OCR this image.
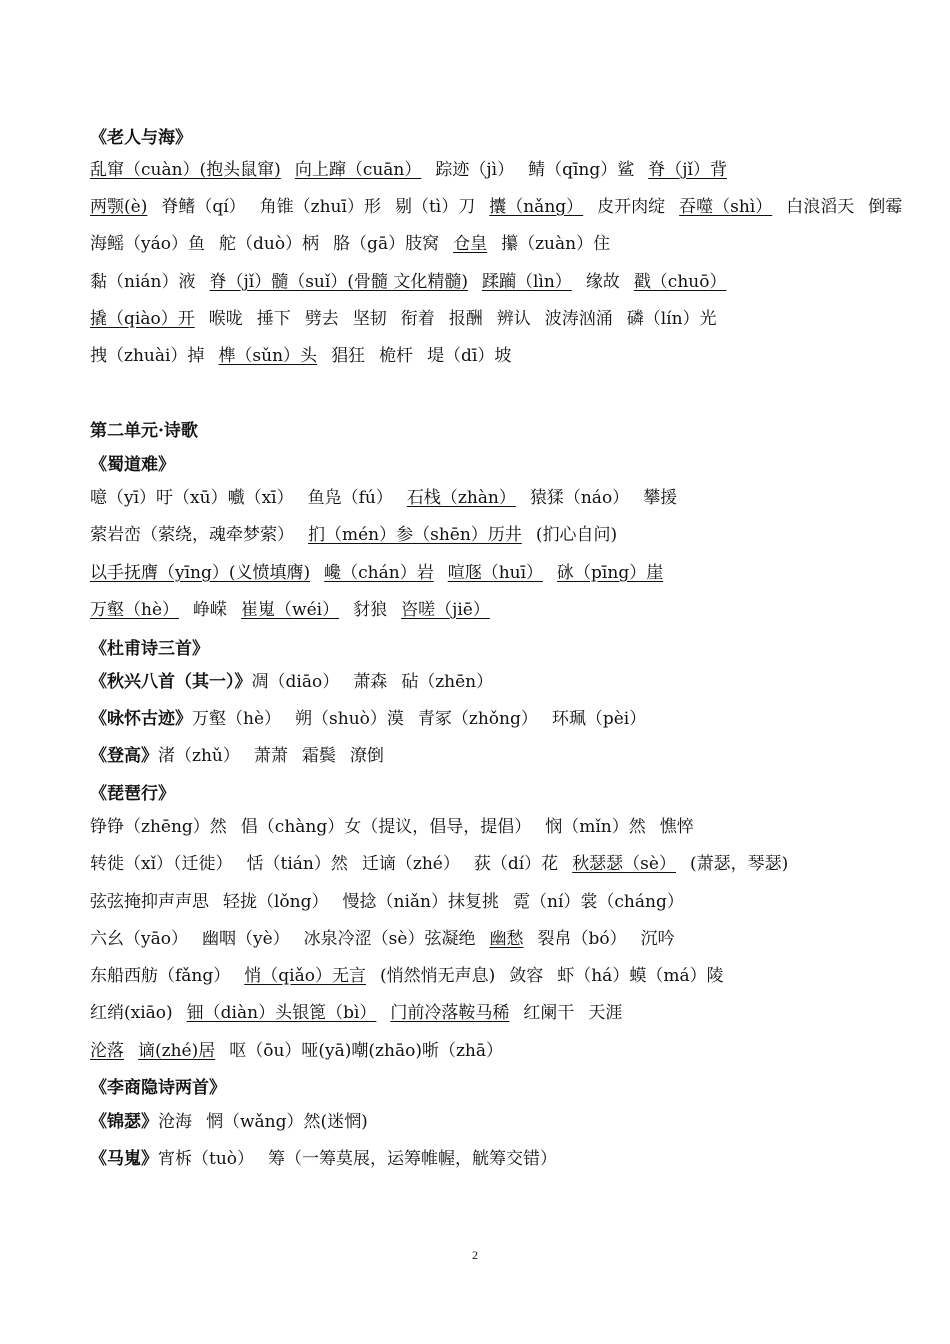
《老人与海》
乱窜（cuàn）(抱头鼠窜) 向上蹿（cuān） 踪迹（jì） 鲭（qīng）鲨 脊（jǐ）背
两颚(è) 脊鳍（qí） 角锥（zhuī）形 剔（tì）刀 攮（nǎng） 皮开肉绽 吞噬（shì） 白浪滔天 倒霉
海鳐（yáo）鱼 舵（duò）柄 胳（gā）肢窝 仓皇 攥（zuàn）住
黏（nián）液 脊（jǐ）髓（suǐ）(骨髓 文化精髓) 蹂躏（lìn） 缘故 戳（chuō）
撬（qiào）开 喉咙 捶下 劈去 坚韧 衔着 报酬 辨认 波涛汹涌 磷（lín）光
拽（zhuài）掉 榫（sǔn）头 猖狂 桅杆 堤（dī）坡
第二单元·诗歌
《蜀道难》
噫（yī）吁（xū）嚱（xī） 鱼凫（fú） 石栈（zhàn） 猿猱（náo） 攀援
萦岩峦（萦绕，魂牵梦萦） 扪（mén）参（shēn）历井 (扪心自问)
以手抚膺（yīng）(义愤填膺) 巉（chán）岩 喧豗（huī） 砯（pīng）崖
万壑（hè） 峥嵘 崔嵬（wéi） 豺狼 咨嗟（jiē）
《杜甫诗三首》
《秋兴八首（其一）》凋（diāo） 萧森 砧（zhēn）
《咏怀古迹》万壑（hè） 朔（shuò）漠 青冢（zhǒng） 环珮（pèi）
《登高》渚（zhǔ） 萧萧 霜鬓 潦倒
《琵琶行》
铮铮（zhēng）然 倡（chàng）女（提议，倡导，提倡） 悯（mǐn）然 憔悴
转徙（xǐ）（迁徙） 恬（tián）然 迁谪（zhé） 荻（dí）花 秋瑟瑟（sè） (萧瑟，琴瑟)
弦弦掩抑声声思 轻拢（lǒng） 慢捻（niǎn）抹复挑 霓（ní）裳（cháng）
六幺（yāo） 幽咽（yè） 冰泉冷涩（sè）弦凝绝 幽愁 裂帛（bó） 沉吟
东船西舫（fǎng） 悄（qiǎo）无言 (悄然悄无声息) 敛容 虾（há）蟆（má）陵
红绡(xiāo) 钿（diàn）头银篦（bì） 门前冷落鞍马稀 红阑干 天涯
沦落 谪(zhé)居 呕（ōu）哑(yā)嘲(zhāo)哳（zhā）
《李商隐诗两首》
《锦瑟》沧海 惘（wǎng）然(迷惘)
《马嵬》宵柝（tuò） 筹（一筹莫展，运筹帷幄，觥筹交错）
2
